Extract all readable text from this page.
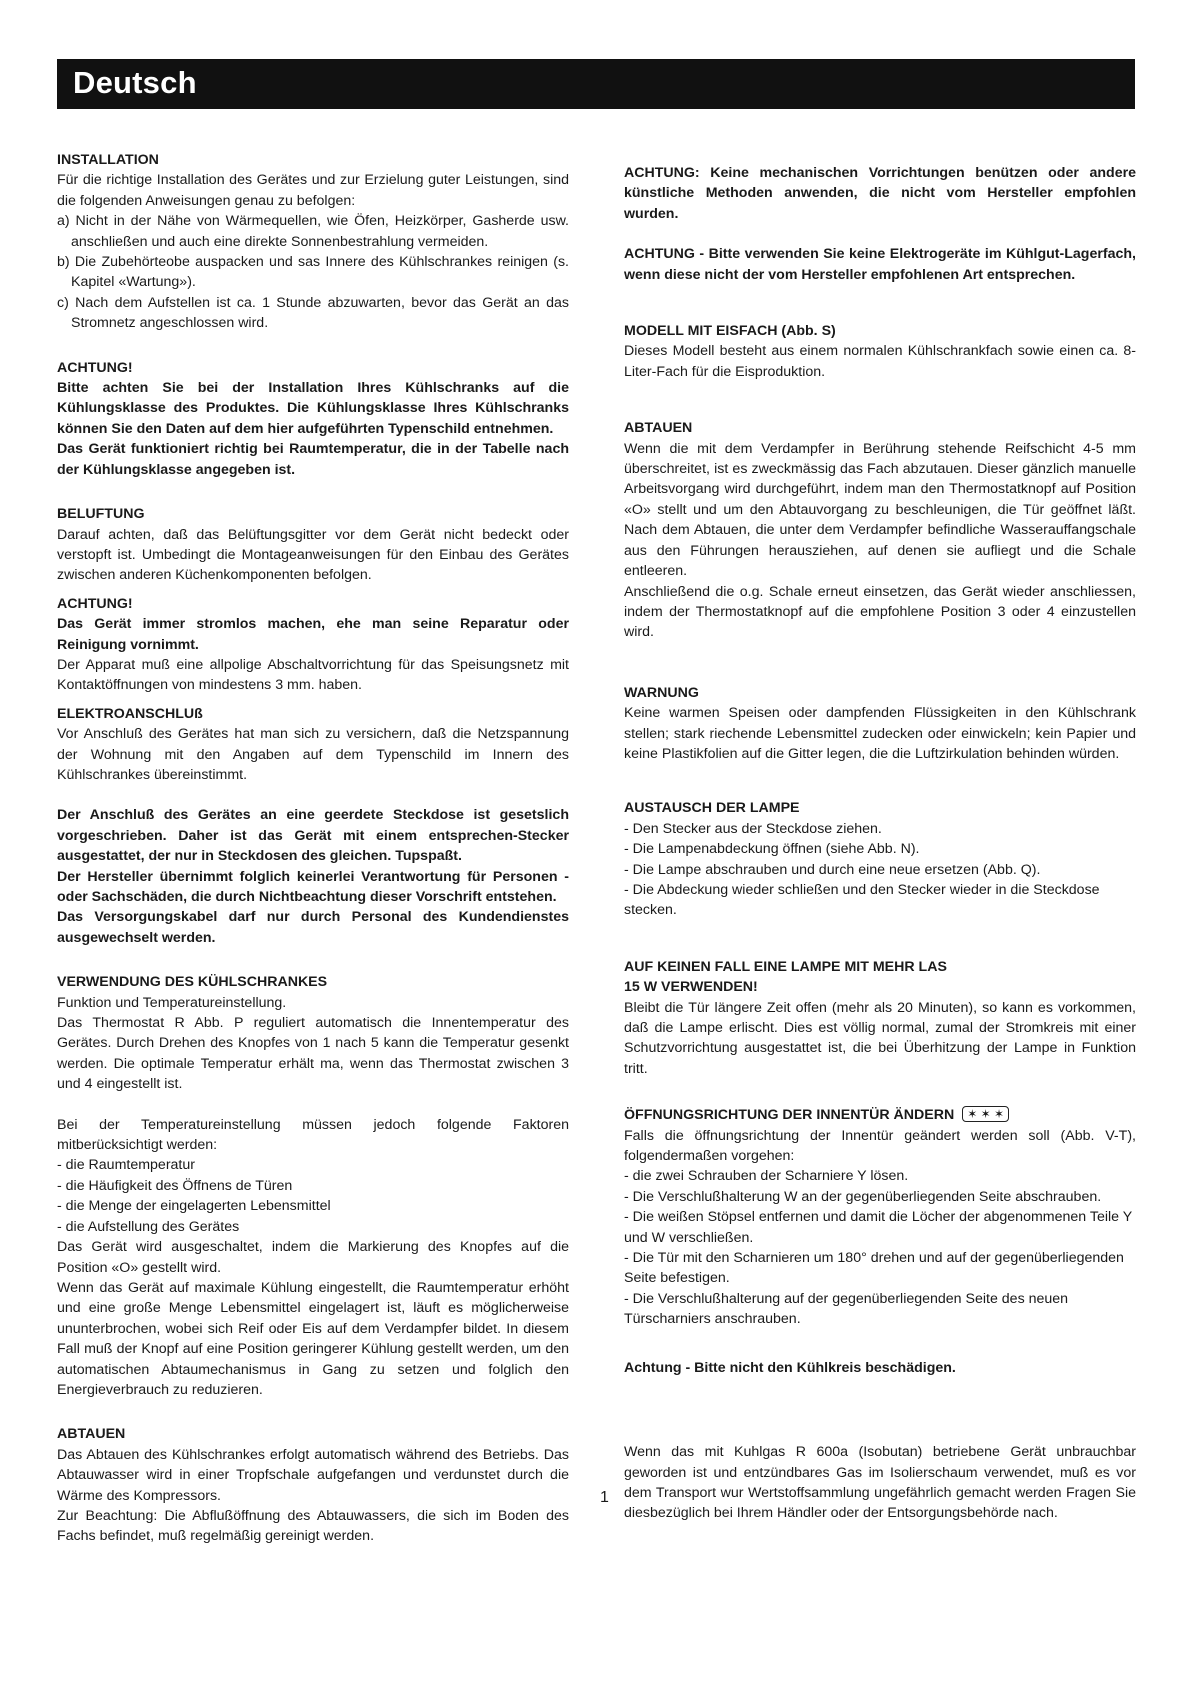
Deutsch

INSTALLATION

Für die richtige Installation des Gerätes und zur Erzielung guter Leistungen, sind die folgenden Anweisungen genau zu befolgen:

a) Nicht in der Nähe von Wärmequellen, wie Öfen, Heizkörper, Gasherde usw. anschließen und auch eine direkte Sonnenbestrahlung vermeiden.
b) Die Zubehörteobe auspacken und sas Innere des Kühlschrankes reinigen (s. Kapitel «Wartung»).
c) Nach dem Aufstellen ist ca. 1 Stunde abzuwarten, bevor das Gerät an das Stromnetz angeschlossen wird.

ACHTUNG!

Bitte achten Sie bei der Installation Ihres Kühlschranks auf die Kühlungsklasse des Produktes. Die Kühlungsklasse Ihres Kühlschranks können Sie den Daten auf dem hier aufgeführten Typenschild entnehmen.

Das Gerät funktioniert richtig bei Raumtemperatur, die in der Tabelle nach der Kühlungsklasse angegeben ist.

BELUFTUNG

Darauf achten, daß das Belüftungsgitter vor dem Gerät nicht bedeckt oder verstopft ist. Umbedingt die Montageanweisungen für den Einbau des Gerätes zwischen anderen Küchenkomponenten befolgen.

ACHTUNG!

Das Gerät immer stromlos machen, ehe man seine Reparatur oder Reinigung vornimmt.

Der Apparat muß eine allpolige Abschaltvorrichtung für das Speisungsnetz mit Kontaktöffnungen von mindestens 3 mm. haben.

ELEKTROANSCHLUß

Vor Anschluß des Gerätes hat man sich zu versichern, daß die Netzspannung der Wohnung mit den Angaben auf dem Typenschild im Innern des Kühlschrankes übereinstimmt.

Der Anschluß des Gerätes an eine geerdete Steckdose ist gesetslich vorgeschrieben. Daher ist das Gerät mit einem entsprechen-Stecker ausgestattet, der nur in Steckdosen des gleichen. Tupspaßt.

Der Hersteller übernimmt folglich keinerlei Verantwortung für Personen - oder Sachschäden, die durch Nichtbeachtung dieser Vorschrift entstehen.

Das Versorgungskabel darf nur durch Personal des Kundendienstes ausgewechselt werden.

VERWENDUNG DES KÜHLSCHRANKES

Funktion und Temperatureinstellung.

Das Thermostat R Abb. P reguliert automatisch die Innentemperatur des Gerätes. Durch Drehen des Knopfes von 1 nach 5 kann die Temperatur gesenkt werden. Die optimale Temperatur erhält ma, wenn das Thermostat zwischen 3 und 4 eingestellt ist.

Bei der Temperatureinstellung müssen jedoch folgende Faktoren mitberücksichtigt werden:

- die Raumtemperatur
- die Häufigkeit des Öffnens de Türen
- die Menge der eingelagerten Lebensmittel
- die Aufstellung des Gerätes

Das Gerät wird ausgeschaltet, indem die Markierung des Knopfes auf die Position «O» gestellt wird.

Wenn das Gerät auf maximale Kühlung eingestellt, die Raumtemperatur erhöht und eine große Menge Lebensmittel eingelagert ist, läuft es möglicherweise ununterbrochen, wobei sich Reif oder Eis auf dem Verdampfer bildet. In diesem Fall muß der Knopf auf eine Position geringerer Kühlung gestellt werden, um den automatischen Abtaumechanismus in Gang zu setzen und folglich den Energieverbrauch zu reduzieren.

ABTAUEN

Das Abtauen des Kühlschrankes erfolgt automatisch während des Betriebs. Das Abtauwasser wird in einer Tropfschale aufgefangen und verdunstet durch die Wärme des Kompressors.

Zur Beachtung: Die Abflußöffnung des Abtauwassers, die sich im Boden des Fachs befindet, muß regelmäßig gereinigt werden.

ACHTUNG: Keine mechanischen Vorrichtungen benützen oder andere künstliche Methoden anwenden, die nicht vom Hersteller empfohlen wurden.

ACHTUNG - Bitte verwenden Sie keine Elektrogeräte im Kühlgut-Lagerfach, wenn diese nicht der vom Hersteller empfohlenen Art entsprechen.

MODELL MIT EISFACH (Abb. S)

Dieses Modell besteht aus einem normalen Kühlschrankfach sowie einen ca. 8-Liter-Fach für die Eisproduktion.

ABTAUEN

Wenn die mit dem Verdampfer in Berührung stehende Reifschicht 4-5 mm überschreitet, ist es zweckmässig das Fach abzutauen. Dieser gänzlich manuelle Arbeitsvorgang wird durchgeführt, indem man den Thermostatknopf auf Position «O» stellt und um den Abtauvorgang zu beschleunigen, die Tür geöffnet läßt. Nach dem Abtauen, die unter dem Verdampfer befindliche Wasserauffangschale aus den Führungen herausziehen, auf denen sie aufliegt und die Schale entleeren.

Anschließend die o.g. Schale erneut einsetzen, das Gerät wieder anschliessen, indem der Thermostatknopf auf die empfohlene Position 3 oder 4 einzustellen wird.

WARNUNG

Keine warmen Speisen oder dampfenden Flüssigkeiten in den Kühlschrank stellen; stark riechende Lebensmittel zudecken oder einwickeln; kein Papier und keine Plastikfolien auf die Gitter legen, die die Luftzirkulation behinden würden.

AUSTAUSCH DER LAMPE

- Den Stecker aus der Steckdose ziehen.
- Die Lampenabdeckung öffnen (siehe Abb. N).
- Die Lampe abschrauben und durch eine neue ersetzen (Abb. Q).
- Die Abdeckung wieder schließen und den Stecker wieder in die Steckdose stecken.

AUF KEINEN FALL EINE LAMPE MIT MEHR LAS

15 W VERWENDEN!

Bleibt die Tür längere Zeit offen (mehr als 20 Minuten), so kann es vorkommen, daß die Lampe erlischt. Dies est völlig normal, zumal der Stromkreis mit einer Schutzvorrichtung ausgestattet ist, die bei Überhitzung der Lampe in Funktion tritt.

ÖFFNUNGSRICHTUNG DER INNENTÜR ÄNDERN ✶ ✶ ✶

Falls die öffnungsrichtung der Innentür geändert werden soll (Abb. V-T), folgendermaßen vorgehen:

- die zwei Schrauben der Scharniere Y lösen.
- Die Verschlußhalterung W an der gegenüberliegenden Seite abschrauben.
- Die weißen Stöpsel entfernen und damit die Löcher der abgenommenen Teile Y und W verschließen.
- Die Tür mit den Scharnieren um 180° drehen und auf der gegenüberliegenden Seite befestigen.
- Die Verschlußhalterung auf der gegenüberliegenden Seite des neuen Türscharniers anschrauben.

Achtung - Bitte nicht den Kühlkreis beschädigen.

Wenn das mit Kuhlgas R 600a (Isobutan) betriebene Gerät unbrauchbar geworden ist und entzündbares Gas im Isolierschaum verwendet, muß es vor dem Transport wur Wertstoffsammlung ungefährlich gemacht werden Fragen Sie diesbezüglich bei Ihrem Händler oder der Entsorgungsbehörde nach.

1
